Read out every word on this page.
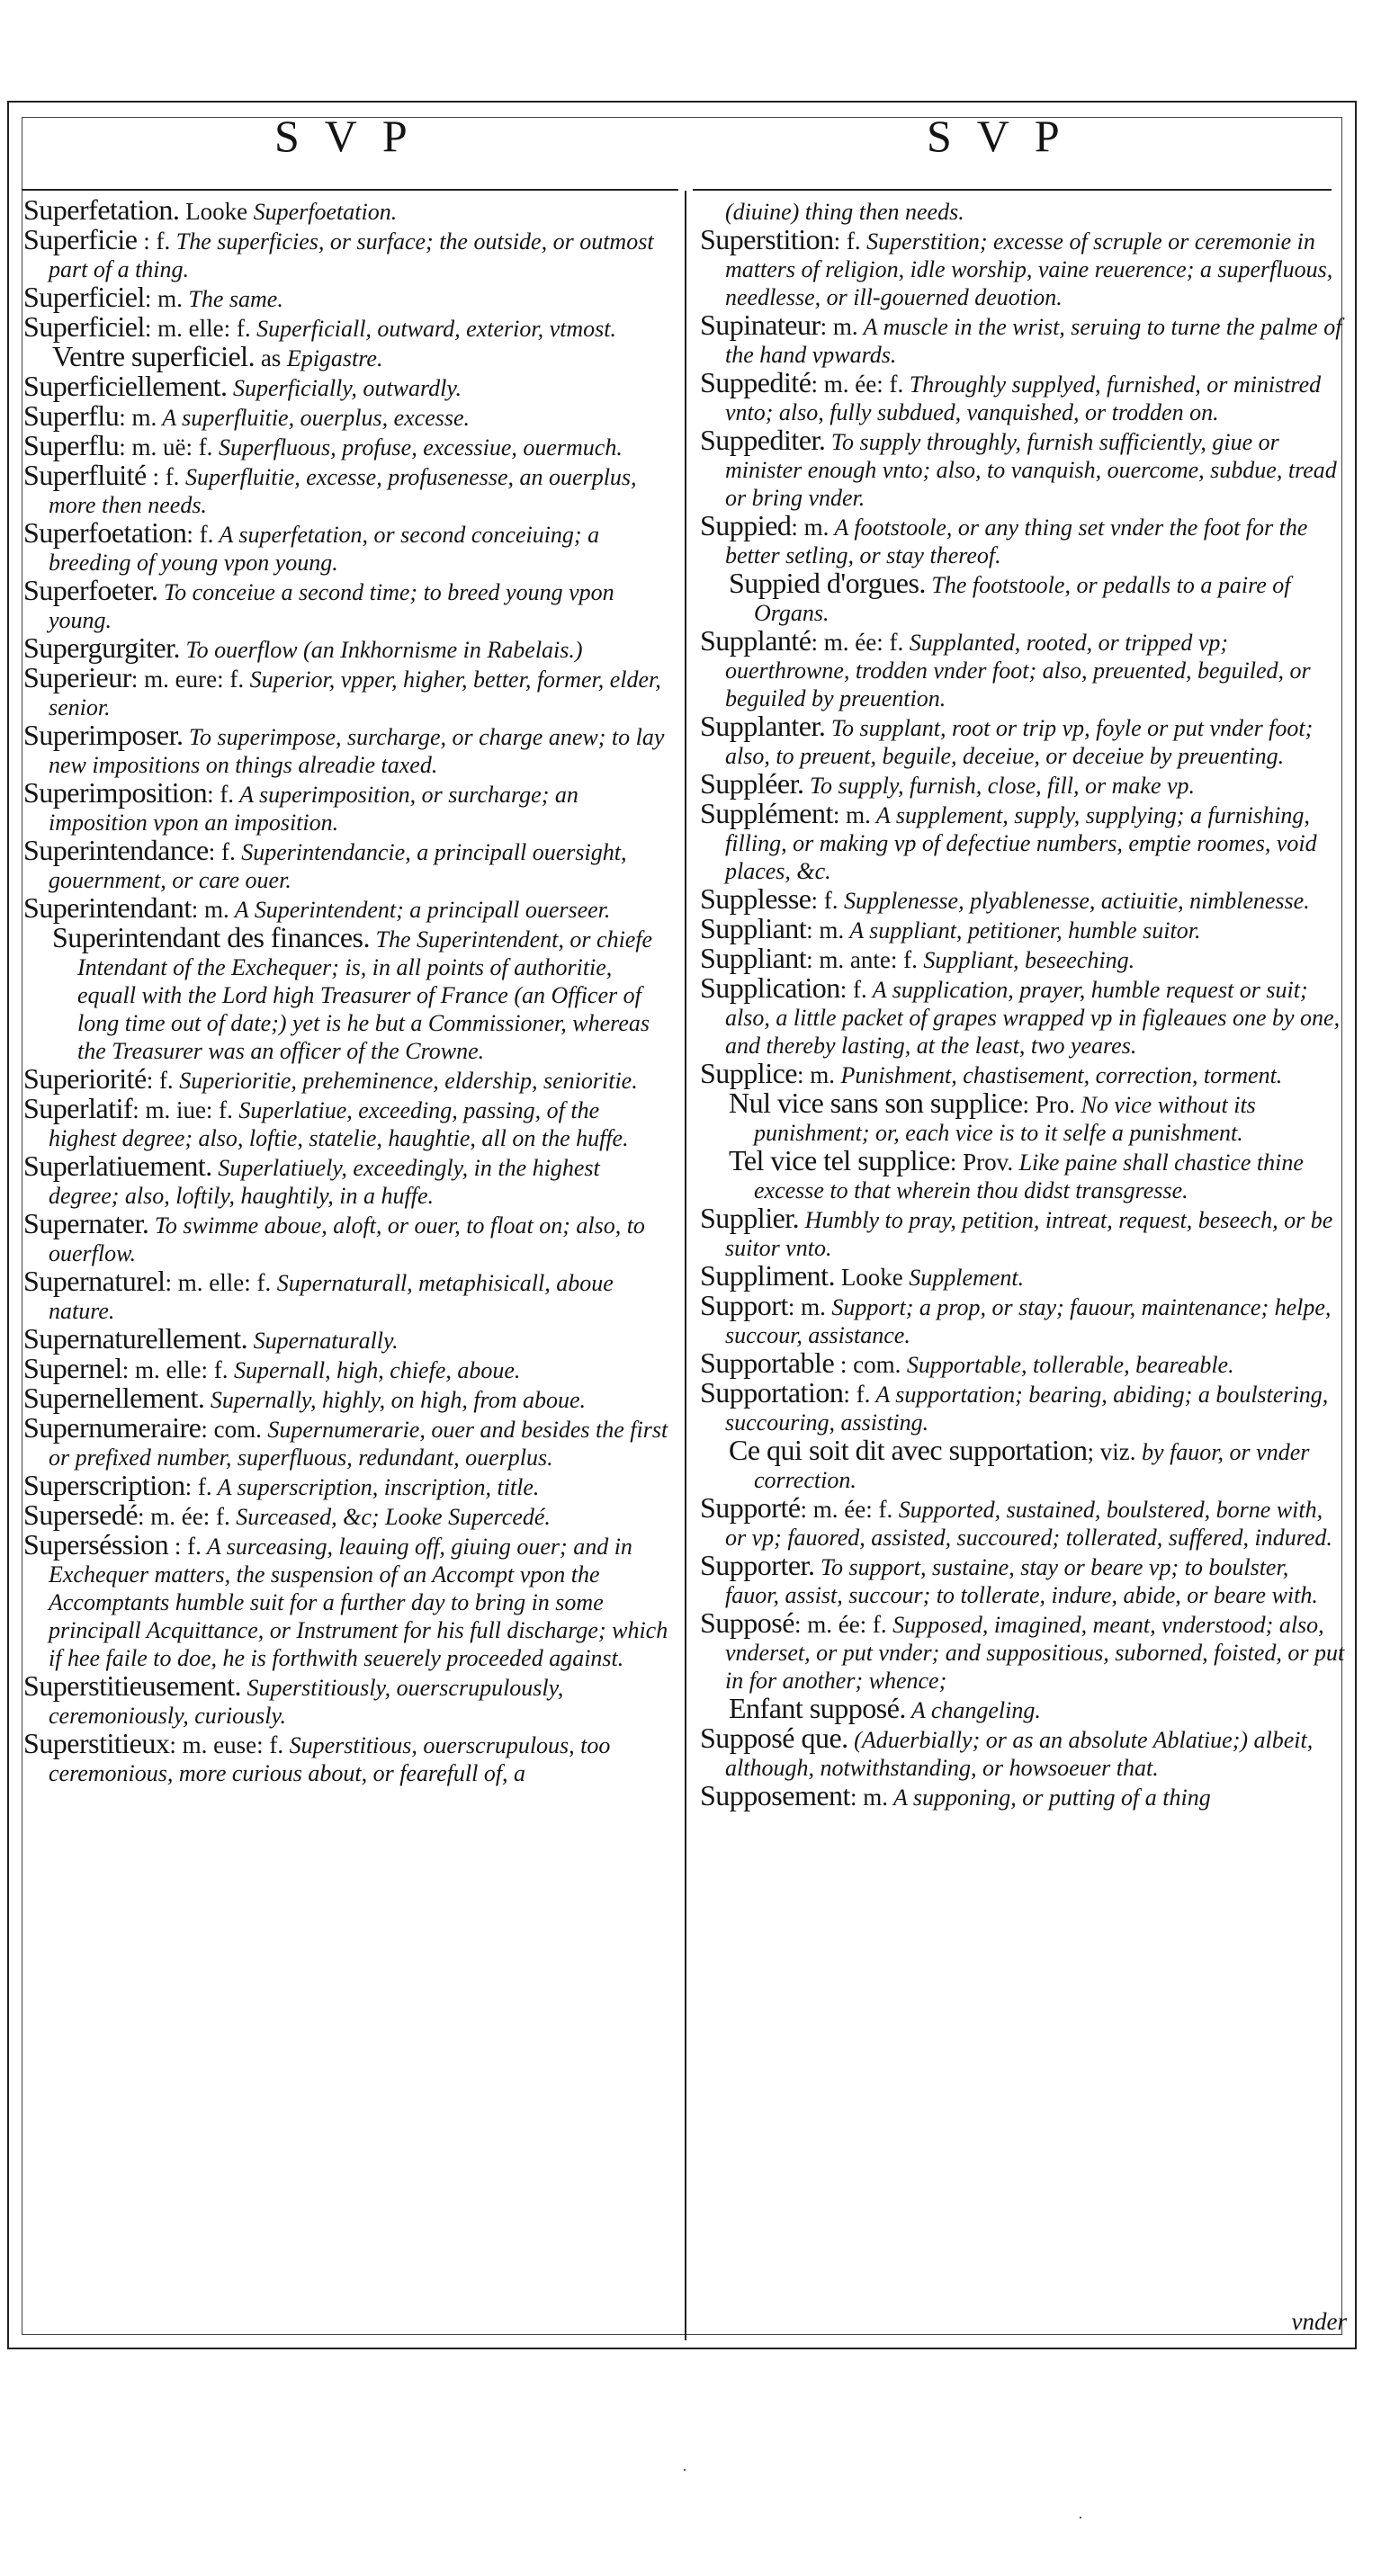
SVP	SVP

Superfetation. Looke Superfoetation.

Superficie : f. The superficies, or surface; the outside, or outmost part of a thing.

Superficiel: m. The same.

Superficiel: m. elle: f. Superficiall, outward, exterior, vtmost.

Ventre superficiel. as Epigastre.

Superficiellement. Superficially, outwardly.

Superflu: m. A superfluitie, ouerplus, excesse.

Superflu: m. uë: f. Superfluous, profuse, excessiue, ouermuch.

Superfluité : f. Superfluitie, excesse, profusenesse, an ouerplus, more then needs.

Superfoetation: f. A superfetation, or second conceiuing; a breeding of young vpon young.

Superfoeter. To conceiue a second time; to breed young vpon young.

Supergurgiter. To ouerflow (an Inkhornisme in Rabelais.)

Superieur: m. eure: f. Superior, vpper, higher, better, former, elder, senior.

Superimposer. To superimpose, surcharge, or charge anew; to lay new impositions on things alreadie taxed.

Superimposition: f. A superimposition, or surcharge; an imposition vpon an imposition.

Superintendance: f. Superintendancie, a principall ouersight, gouernment, or care ouer.

Superintendant: m. A Superintendent; a principall ouerseer.

Superintendant des finances. The Superintendent, or chiefe Intendant of the Exchequer; is, in all points of authoritie, equall with the Lord high Treasurer of France (an Officer of long time out of date;) yet is he but a Commissioner, whereas the Treasurer was an officer of the Crowne.

Superiorité: f. Superioritie, preheminence, eldership, senioritie.

Superlatif: m. iue: f. Superlatiue, exceeding, passing, of the highest degree; also, loftie, statelie, haughtie, all on the huffe.

Superlatiuement. Superlatiuely, exceedingly, in the highest degree; also, loftily, haughtily, in a huffe.

Supernater. To swimme aboue, aloft, or ouer, to float on; also, to ouerflow.

Supernaturel: m. elle: f. Supernaturall, metaphisicall, aboue nature.

Supernaturellement. Supernaturally.

Supernel: m. elle: f. Supernall, high, chiefe, aboue.

Supernellement. Supernally, highly, on high, from aboue.

Supernumeraire: com. Supernumerarie, ouer and besides the first or prefixed number, superfluous, redundant, ouerplus.

Superscription: f. A superscription, inscription, title.

Supersedé: m. ée: f. Surceased, &c; Looke Supercedé.

Superséssion : f. A surceasing, leauing off, giuing ouer; and in Exchequer matters, the suspension of an Accompt vpon the Accomptants humble suit for a further day to bring in some principall Acquittance, or Instrument for his full discharge; which if hee faile to doe, he is forthwith seuerely proceeded against.

Superstitieusement. Superstitiously, ouerscrupulously, ceremoniously, curiously.

Superstitieux: m. euse: f. Superstitious, ouerscrupulous, too ceremonious, more curious about, or fearefull of, a

(diuine) thing then needs.

Superstition: f. Superstition; excesse of scruple or ceremonie in matters of religion, idle worship, vaine reuerence; a superfluous, needlesse, or ill-gouerned deuotion.

Supinateur: m. A muscle in the wrist, seruing to turne the palme of the hand vpwards.

Suppedité: m. ée: f. Throughly supplyed, furnished, or ministred vnto; also, fully subdued, vanquished, or trodden on.

Suppediter. To supply throughly, furnish sufficiently, giue or minister enough vnto; also, to vanquish, ouercome, subdue, tread or bring vnder.

Suppied: m. A footstoole, or any thing set vnder the foot for the better setling, or stay thereof.

Suppied d'orgues. The footstoole, or pedalls to a paire of Organs.

Supplanté: m. ée: f. Supplanted, rooted, or tripped vp; ouerthrowne, trodden vnder foot; also, preuented, beguiled, or beguiled by preuention.

Supplanter. To supplant, root or trip vp, foyle or put vnder foot; also, to preuent, beguile, deceiue, or deceiue by preuenting.

Suppléer. To supply, furnish, close, fill, or make vp.

Supplément: m. A supplement, supply, supplying; a furnishing, filling, or making vp of defectiue numbers, emptie roomes, void places, &c.

Supplesse: f. Supplenesse, plyablenesse, actiuitie, nimblenesse.

Suppliant: m. A suppliant, petitioner, humble suitor.

Suppliant: m. ante: f. Suppliant, beseeching.

Supplication: f. A supplication, prayer, humble request or suit; also, a little packet of grapes wrapped vp in figleaues one by one, and thereby lasting, at the least, two yeares.

Supplice: m. Punishment, chastisement, correction, torment.

Nul vice sans son supplice: Pro. No vice without its punishment; or, each vice is to it selfe a punishment.

Tel vice tel supplice: Prov. Like paine shall chastice thine excesse to that wherein thou didst transgresse.

Supplier. Humbly to pray, petition, intreat, request, beseech, or be suitor vnto.

Suppliment. Looke Supplement.

Support: m. Support; a prop, or stay; fauour, maintenance; helpe, succour, assistance.

Supportable : com. Supportable, tollerable, beareable.

Supportation: f. A supportation; bearing, abiding; a boulstering, succouring, assisting.

Ce qui soit dit avec supportation; viz. by fauor, or vnder correction.

Supporté: m. ée: f. Supported, sustained, boulstered, borne with, or vp; fauored, assisted, succoured; tollerated, suffered, indured.

Supporter. To support, sustaine, stay or beare vp; to boulster, fauor, assist, succour; to tollerate, indure, abide, or beare with.

Supposé: m. ée: f. Supposed, imagined, meant, vnderstood; also, vnderset, or put vnder; and suppositious, suborned, foisted, or put in for another; whence;

Enfant supposé. A changeling.

Supposé que. (Aduerbially; or as an absolute Ablatiue;) albeit, although, notwithstanding, or howsoeuer that.

Supposement: m. A supponing, or putting of a thing

vnder
